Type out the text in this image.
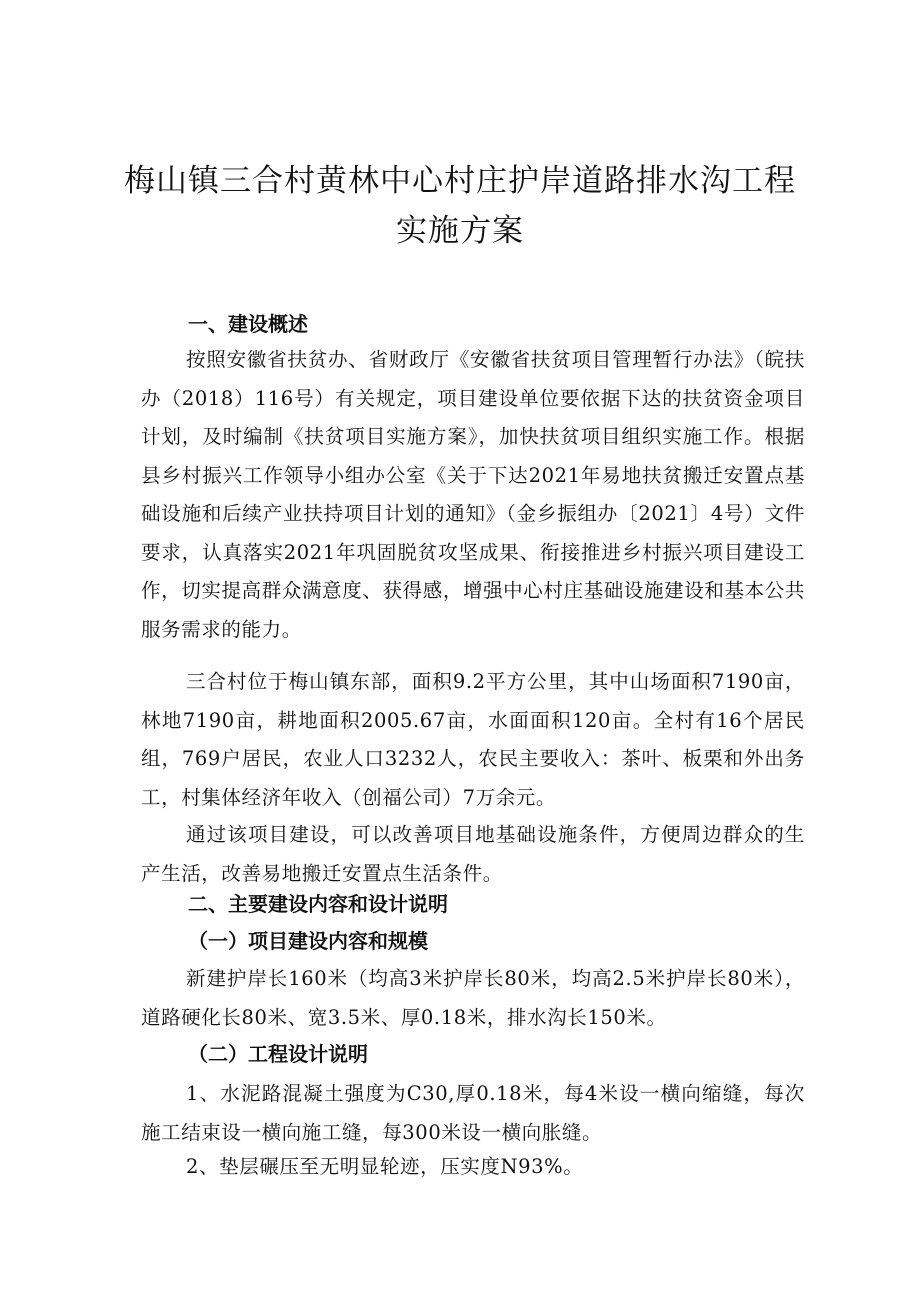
梅山镇三合村黄林中心村庄护岸道路排水沟工程
实施方案
一、建设概述

按照安徽省扶贫办、省财政厅《安徽省扶贫项目管理暂行办法》（皖扶办（2018）116号）有关规定，项目建设单位要依据下达的扶贫资金项目计划，及时编制《扶贫项目实施方案》，加快扶贫项目组织实施工作。根据县乡村振兴工作领导小组办公室《关于下达2021年易地扶贫搬迁安置点基础设施和后续产业扶持项目计划的通知》（金乡振组办〔2021〕4号）文件要求，认真落实2021年巩固脱贫攻坚成果、衔接推进乡村振兴项目建设工作，切实提高群众满意度、获得感，增强中心村庄基础设施建设和基本公共服务需求的能力。

三合村位于梅山镇东部，面积9.2平方公里，其中山场面积7190亩，林地7190亩，耕地面积2005.67亩，水面面积120亩。全村有16个居民组，769户居民，农业人口3232人，农民主要收入：茶叶、板栗和外出务工，村集体经济年收入（创福公司）7万余元。

通过该项目建设，可以改善项目地基础设施条件，方便周边群众的生产生活，改善易地搬迁安置点生活条件。

二、主要建设内容和设计说明
（一）项目建设内容和规模

新建护岸长160米（均高3米护岸长80米，均高2.5米护岸长80米），道路硬化长80米、宽3.5米、厚0.18米，排水沟长150米。

（二）工程设计说明

1、水泥路混凝土强度为C30,厚0.18米，每4米设一横向缩缝，每次施工结束设一横向施工缝，每300米设一横向胀缝。

2、垫层碾压至无明显轮迹，压实度N93%。
